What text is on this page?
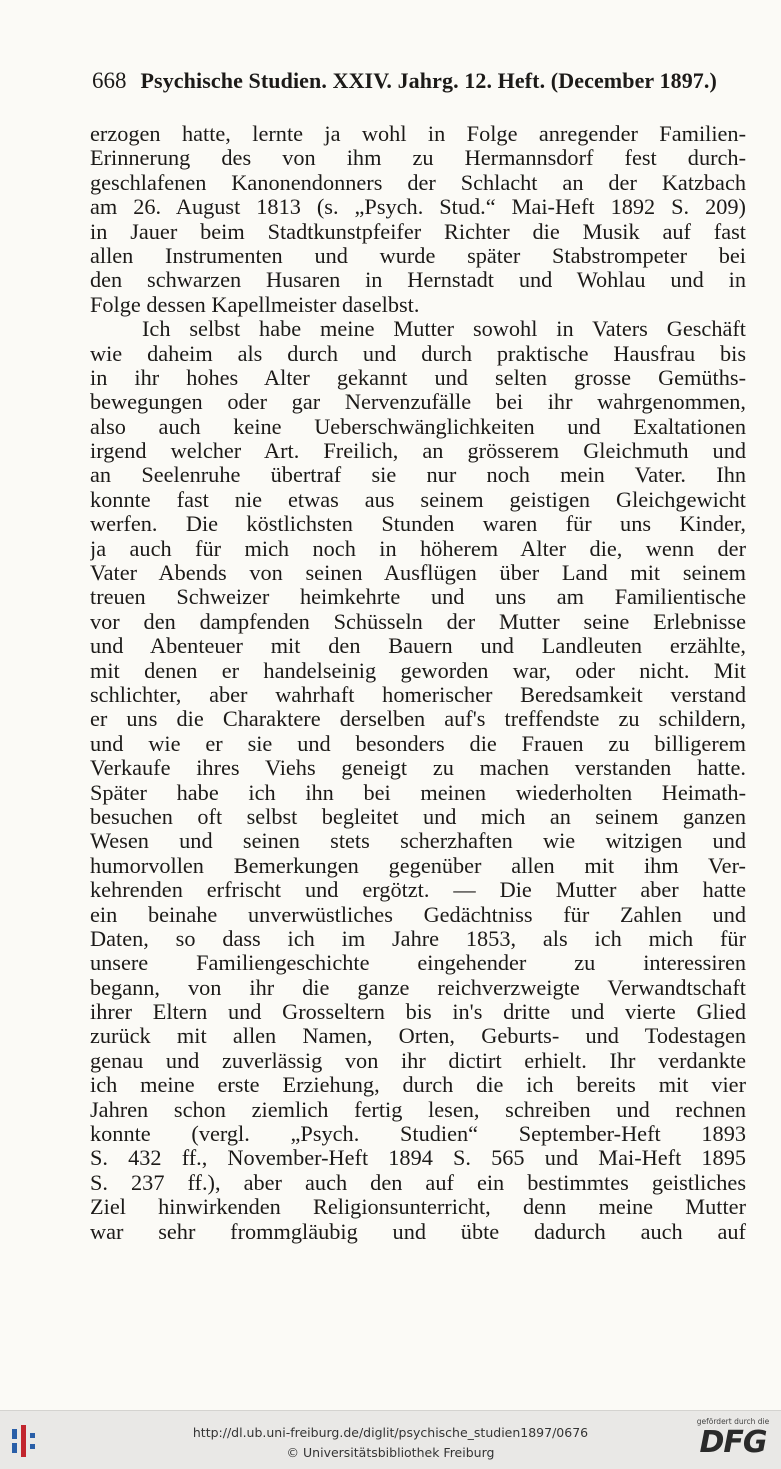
668 Psychische Studien. XXIV. Jahrg. 12. Heft. (December 1897.)
erzogen hatte, lernte ja wohl in Folge anregender Familien-
Erinnerung des von ihm zu Hermannsdorf fest durch-
geschlafenen Kanonendonners der Schlacht an der Katzbach
am 26. August 1813 (s. „Psych. Stud.“ Mai-Heft 1892 S. 209)
in Jauer beim Stadtkunstpfeifer Richter die Musik auf fast
allen Instrumenten und wurde später Stabstrompeter bei
den schwarzen Husaren in Hernstadt und Wohlau und in
Folge dessen Kapellmeister daselbst.
Ich selbst habe meine Mutter sowohl in Vaters Geschäft
wie daheim als durch und durch praktische Hausfrau bis
in ihr hohes Alter gekannt und selten grosse Gemüths-
bewegungen oder gar Nervenzufälle bei ihr wahrgenommen,
also auch keine Ueberschwänglichkeiten und Exaltationen
irgend welcher Art. Freilich, an grösserem Gleichmuth und
an Seelenruhe übertraf sie nur noch mein Vater. Ihn
konnte fast nie etwas aus seinem geistigen Gleichgewicht
werfen. Die köstlichsten Stunden waren für uns Kinder,
ja auch für mich noch in höherem Alter die, wenn der
Vater Abends von seinen Ausflügen über Land mit seinem
treuen Schweizer heimkehrte und uns am Familientische
vor den dampfenden Schüsseln der Mutter seine Erlebnisse
und Abenteuer mit den Bauern und Landleuten erzählte,
mit denen er handelseinig geworden war, oder nicht. Mit
schlichter, aber wahrhaft homerischer Beredsamkeit verstand
er uns die Charaktere derselben auf's treffendste zu schildern,
und wie er sie und besonders die Frauen zu billigerem
Verkaufe ihres Viehs geneigt zu machen verstanden hatte.
Später habe ich ihn bei meinen wiederholten Heimath-
besuchen oft selbst begleitet und mich an seinem ganzen
Wesen und seinen stets scherzhaften wie witzigen und
humorvollen Bemerkungen gegenüber allen mit ihm Ver-
kehrenden erfrischt und ergötzt. — Die Mutter aber hatte
ein beinahe unverwüstliches Gedächtniss für Zahlen und
Daten, so dass ich im Jahre 1853, als ich mich für
unsere Familiengeschichte eingehender zu interessiren
begann, von ihr die ganze reichverzweigte Verwandtschaft
ihrer Eltern und Grosseltern bis in's dritte und vierte Glied
zurück mit allen Namen, Orten, Geburts- und Todestagen
genau und zuverlässig von ihr dictirt erhielt. Ihr verdankte
ich meine erste Erziehung, durch die ich bereits mit vier
Jahren schon ziemlich fertig lesen, schreiben und rechnen
konnte (vergl. „Psych. Studien“ September-Heft 1893
S. 432 ff., November-Heft 1894 S. 565 und Mai-Heft 1895
S. 237 ff.), aber auch den auf ein bestimmtes geistliches
Ziel hinwirkenden Religionsunterricht, denn meine Mutter
war sehr frommgläubig und übte dadurch auch auf
http://dl.ub.uni-freiburg.de/diglit/psychische_studien1897/0676
© Universitätsbibliothek Freiburg
gefördert durch die
DFG
